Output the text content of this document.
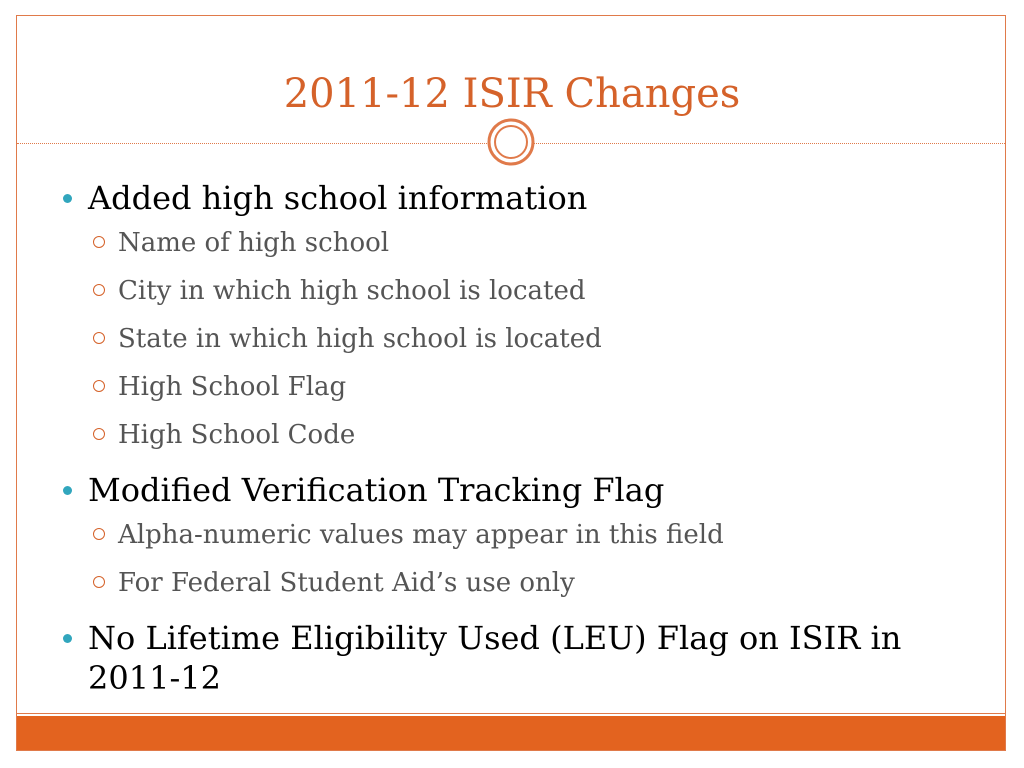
2011-12 ISIR Changes
Added high school information
Name of high school
City in which high school is located
State in which high school is located
High School Flag
High School Code
Modified Verification Tracking Flag
Alpha-numeric values may appear in this field
For Federal Student Aid’s use only
No Lifetime Eligibility Used (LEU) Flag on ISIR in 2011-12
